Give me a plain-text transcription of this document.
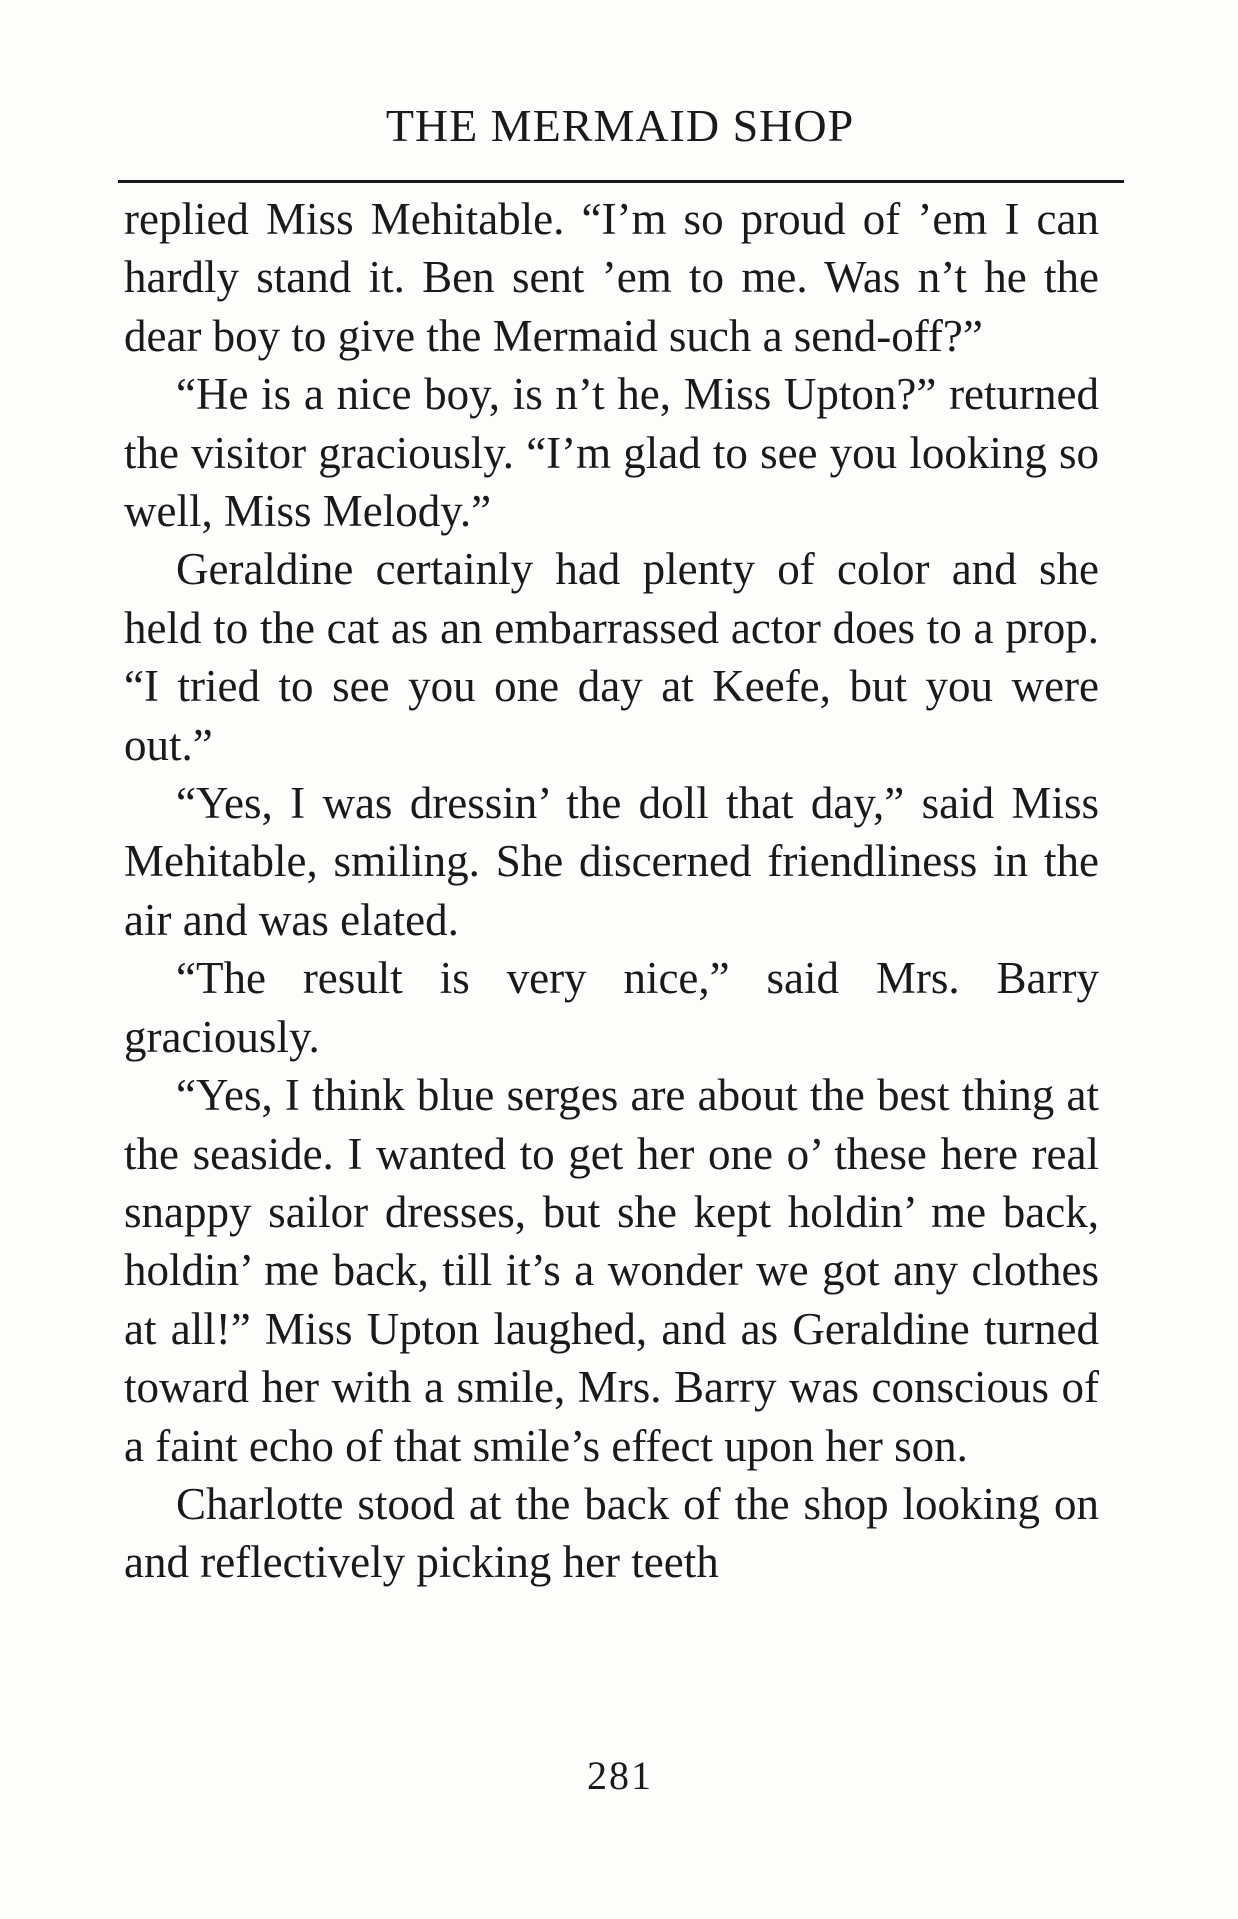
THE MERMAID SHOP

replied Miss Mehitable. “I’m so proud of ’em I can hardly stand it. Ben sent ’em to me. Was n’t he the dear boy to give the Mermaid such a send-off?”

“He is a nice boy, is n’t he, Miss Upton?” returned the visitor graciously. “I’m glad to see you looking so well, Miss Melody.”

Geraldine certainly had plenty of color and she held to the cat as an embarrassed actor does to a prop. “I tried to see you one day at Keefe, but you were out.”

“Yes, I was dressin’ the doll that day,” said Miss Mehitable, smiling. She discerned friendliness in the air and was elated.

“The result is very nice,” said Mrs. Barry graciously.

“Yes, I think blue serges are about the best thing at the seaside. I wanted to get her one o’ these here real snappy sailor dresses, but she kept holdin’ me back, holdin’ me back, till it’s a wonder we got any clothes at all!” Miss Upton laughed, and as Geraldine turned toward her with a smile, Mrs. Barry was conscious of a faint echo of that smile’s effect upon her son.

Charlotte stood at the back of the shop looking on and reflectively picking her teeth

281
